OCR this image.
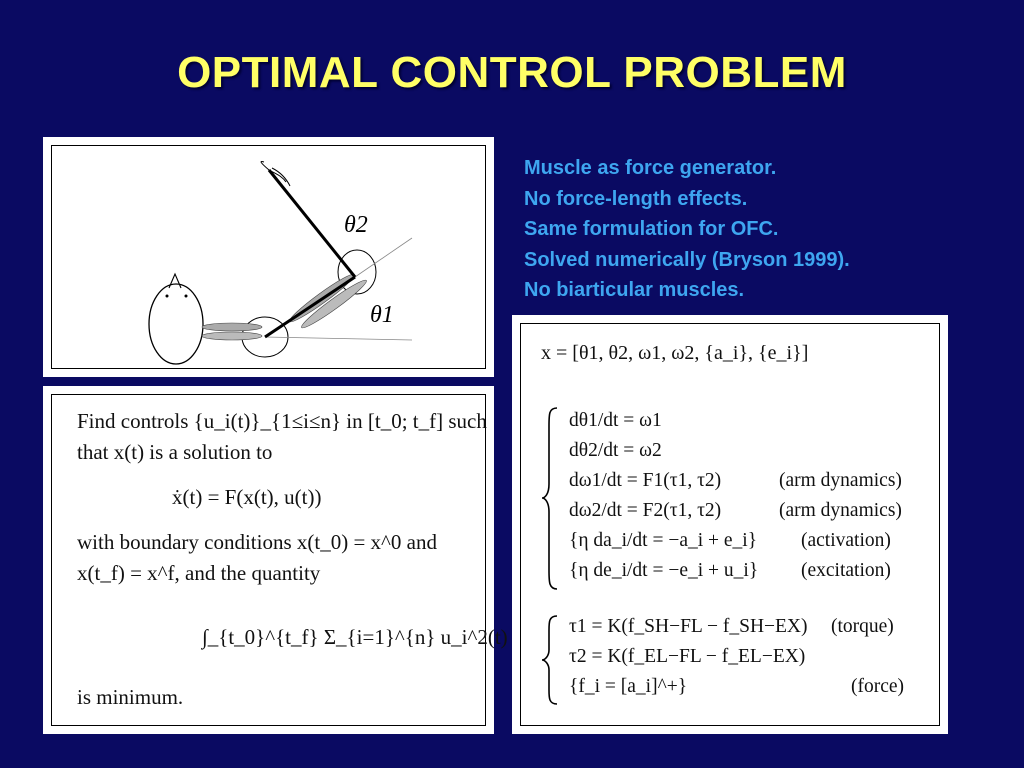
OPTIMAL CONTROL PROBLEM
Muscle as force generator.
No force-length effects.
Same formulation for OFC.
Solved numerically (Bryson 1999).
No biarticular muscles.
θ2
θ1
Find controls {u_i(t)}_{1≤i≤n} in [t_0; t_f] such
that x(t) is a solution to
ẋ(t) = F(x(t), u(t))
with boundary conditions x(t_0) = x^0 and
x(t_f) = x^f, and the quantity
∫_{t_0}^{t_f} Σ_{i=1}^{n} u_i^2(t)
is minimum.
x = [θ1, θ2, ω1, ω2, {a_i}, {e_i}]
dθ1/dt = ω1
dθ2/dt = ω2
dω1/dt = F1(τ1, τ2)	(arm dynamics)
dω2/dt = F2(τ1, τ2)	(arm dynamics)
{η da_i/dt = −a_i + e_i} (activation)
{η de_i/dt = −e_i + u_i} (excitation)
τ1 = K(f_SH−FL − f_SH−EX) (torque)
τ2 = K(f_EL−FL − f_EL−EX)
{f_i = [a_i]^+}	(force)
